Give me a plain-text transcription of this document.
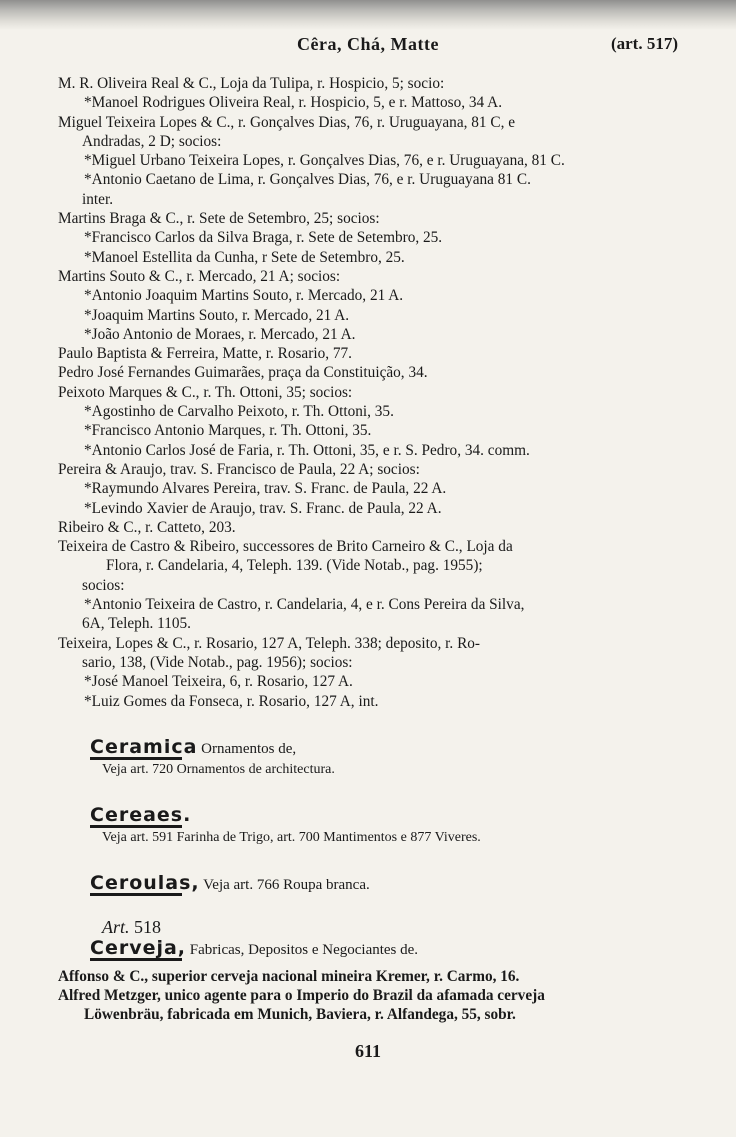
Cêra, Chá, Matte	(art. 517)
M. R. Oliveira Real & C., Loja da Tulipa, r. Hospicio, 5; socio:
*Manoel Rodrigues Oliveira Real, r. Hospicio, 5, e r. Mattoso, 34 A.
Miguel Teixeira Lopes & C., r. Gonçalves Dias, 76, r. Uruguayana, 81 C, e
Andradas, 2 D; socios:
*Miguel Urbano Teixeira Lopes, r. Gonçalves Dias, 76, e r. Uruguayana, 81 C.
*Antonio Caetano de Lima, r. Gonçalves Dias, 76, e r. Uruguayana 81 C.
inter.
Martins Braga & C., r. Sete de Setembro, 25; socios:
*Francisco Carlos da Silva Braga, r. Sete de Setembro, 25.
*Manoel Estellita da Cunha, r Sete de Setembro, 25.
Martins Souto & C., r. Mercado, 21 A; socios:
*Antonio Joaquim Martins Souto, r. Mercado, 21 A.
*Joaquim Martins Souto, r. Mercado, 21 A.
*João Antonio de Moraes, r. Mercado, 21 A.
Paulo Baptista & Ferreira, Matte, r. Rosario, 77.
Pedro José Fernandes Guimarães, praça da Constituição, 34.
Peixoto Marques & C., r. Th. Ottoni, 35; socios:
*Agostinho de Carvalho Peixoto, r. Th. Ottoni, 35.
*Francisco Antonio Marques, r. Th. Ottoni, 35.
*Antonio Carlos José de Faria, r. Th. Ottoni, 35, e r. S. Pedro, 34. comm.
Pereira & Araujo, trav. S. Francisco de Paula, 22 A; socios:
*Raymundo Alvares Pereira, trav. S. Franc. de Paula, 22 A.
*Levindo Xavier de Araujo, trav. S. Franc. de Paula, 22 A.
Ribeiro & C., r. Catteto, 203.
Teixeira de Castro & Ribeiro, successores de Brito Carneiro & C., Loja da
Flora, r. Candelaria, 4, Teleph. 139. (Vide Notab., pag. 1955);
socios:
*Antonio Teixeira de Castro, r. Candelaria, 4, e r. Cons Pereira da Silva,
6A, Teleph. 1105.
Teixeira, Lopes & C., r. Rosario, 127 A, Teleph. 338; deposito, r. Ro-
sario, 138, (Vide Notab., pag. 1956); socios:
*José Manoel Teixeira, 6, r. Rosario, 127 A.
*Luiz Gomes da Fonseca, r. Rosario, 127 A, int.
Ceramica Ornamentos de,
Veja art. 720 Ornamentos de architectura.
Cereaes.
Veja art. 591 Farinha de Trigo, art. 700 Mantimentos e 877 Viveres.
Ceroulas, Veja art. 766 Roupa branca.
Art. 518
Cerveja, Fabricas, Depositos e Negociantes de.
Affonso & C., superior cerveja nacional mineira Kremer, r. Carmo, 16.
Alfred Metzger, unico agente para o Imperio do Brazil da afamada cerveja
Löwenbräu, fabricada em Munich, Baviera, r. Alfandega, 55, sobr.
611
